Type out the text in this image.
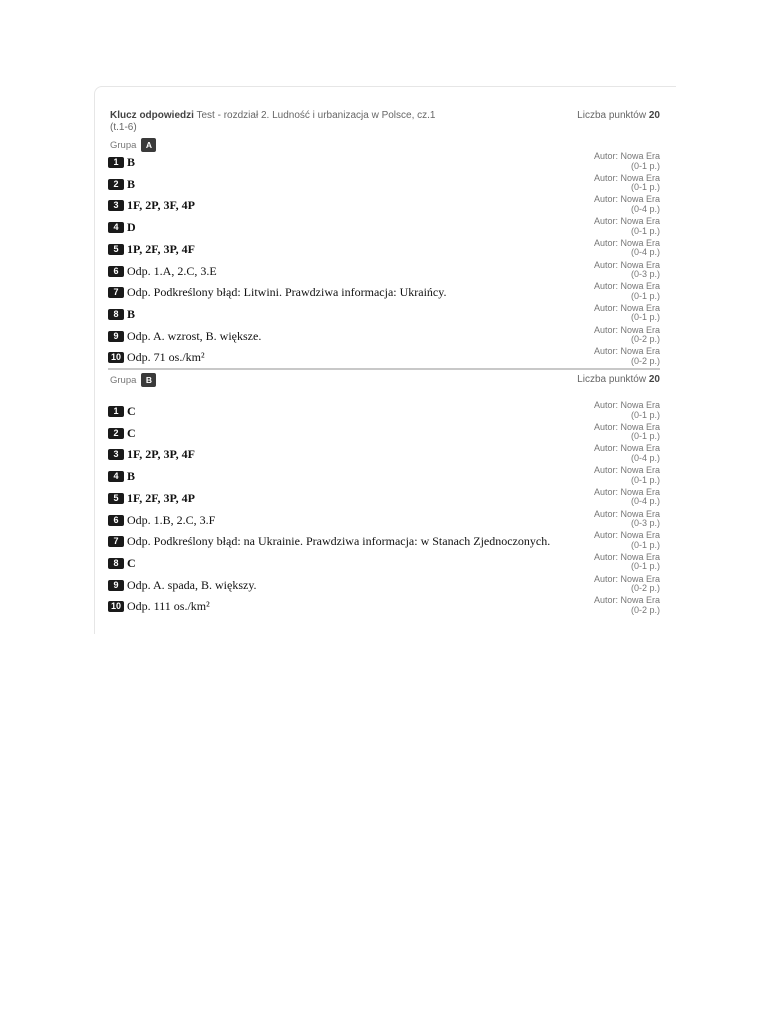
Klucz odpowiedzi Test - rozdział 2. Ludność i urbanizacja w Polsce, cz.1
(t.1-6)
Liczba punktów 20
Grupa	A
1 B	Autor: Nowa Era
(0-1 p.)
2 B	Autor: Nowa Era
(0-1 p.)
3 1F, 2P, 3F, 4P	Autor: Nowa Era
(0-4 p.)
4 D	Autor: Nowa Era
(0-1 p.)
5 1P, 2F, 3P, 4F	Autor: Nowa Era
(0-4 p.)
6 Odp. 1.A, 2.C, 3.E	Autor: Nowa Era
(0-3 p.)
7 Odp. Podkreślony błąd: Litwini. Prawdziwa informacja: Ukraińcy.	Autor: Nowa Era
(0-1 p.)
8 B	Autor: Nowa Era
(0-1 p.)
9 Odp. A. wzrost, B. większe.	Autor: Nowa Era
(0-2 p.)
10 Odp. 71 os./km²	Autor: Nowa Era
(0-2 p.)
Grupa	B	Liczba punktów 20
1 C	Autor: Nowa Era
(0-1 p.)
2 C	Autor: Nowa Era
(0-1 p.)
3 1F, 2P, 3P, 4F	Autor: Nowa Era
(0-4 p.)
4 B	Autor: Nowa Era
(0-1 p.)
5 1F, 2F, 3P, 4P	Autor: Nowa Era
(0-4 p.)
6 Odp. 1.B, 2.C, 3.F	Autor: Nowa Era
(0-3 p.)
7 Odp. Podkreślony błąd: na Ukrainie. Prawdziwa informacja: w Stanach Zjednoczonych.	Autor: Nowa Era
(0-1 p.)
8 C	Autor: Nowa Era
(0-1 p.)
9 Odp. A. spada, B. większy.	Autor: Nowa Era
(0-2 p.)
10 Odp. 111 os./km²	Autor: Nowa Era
(0-2 p.)
